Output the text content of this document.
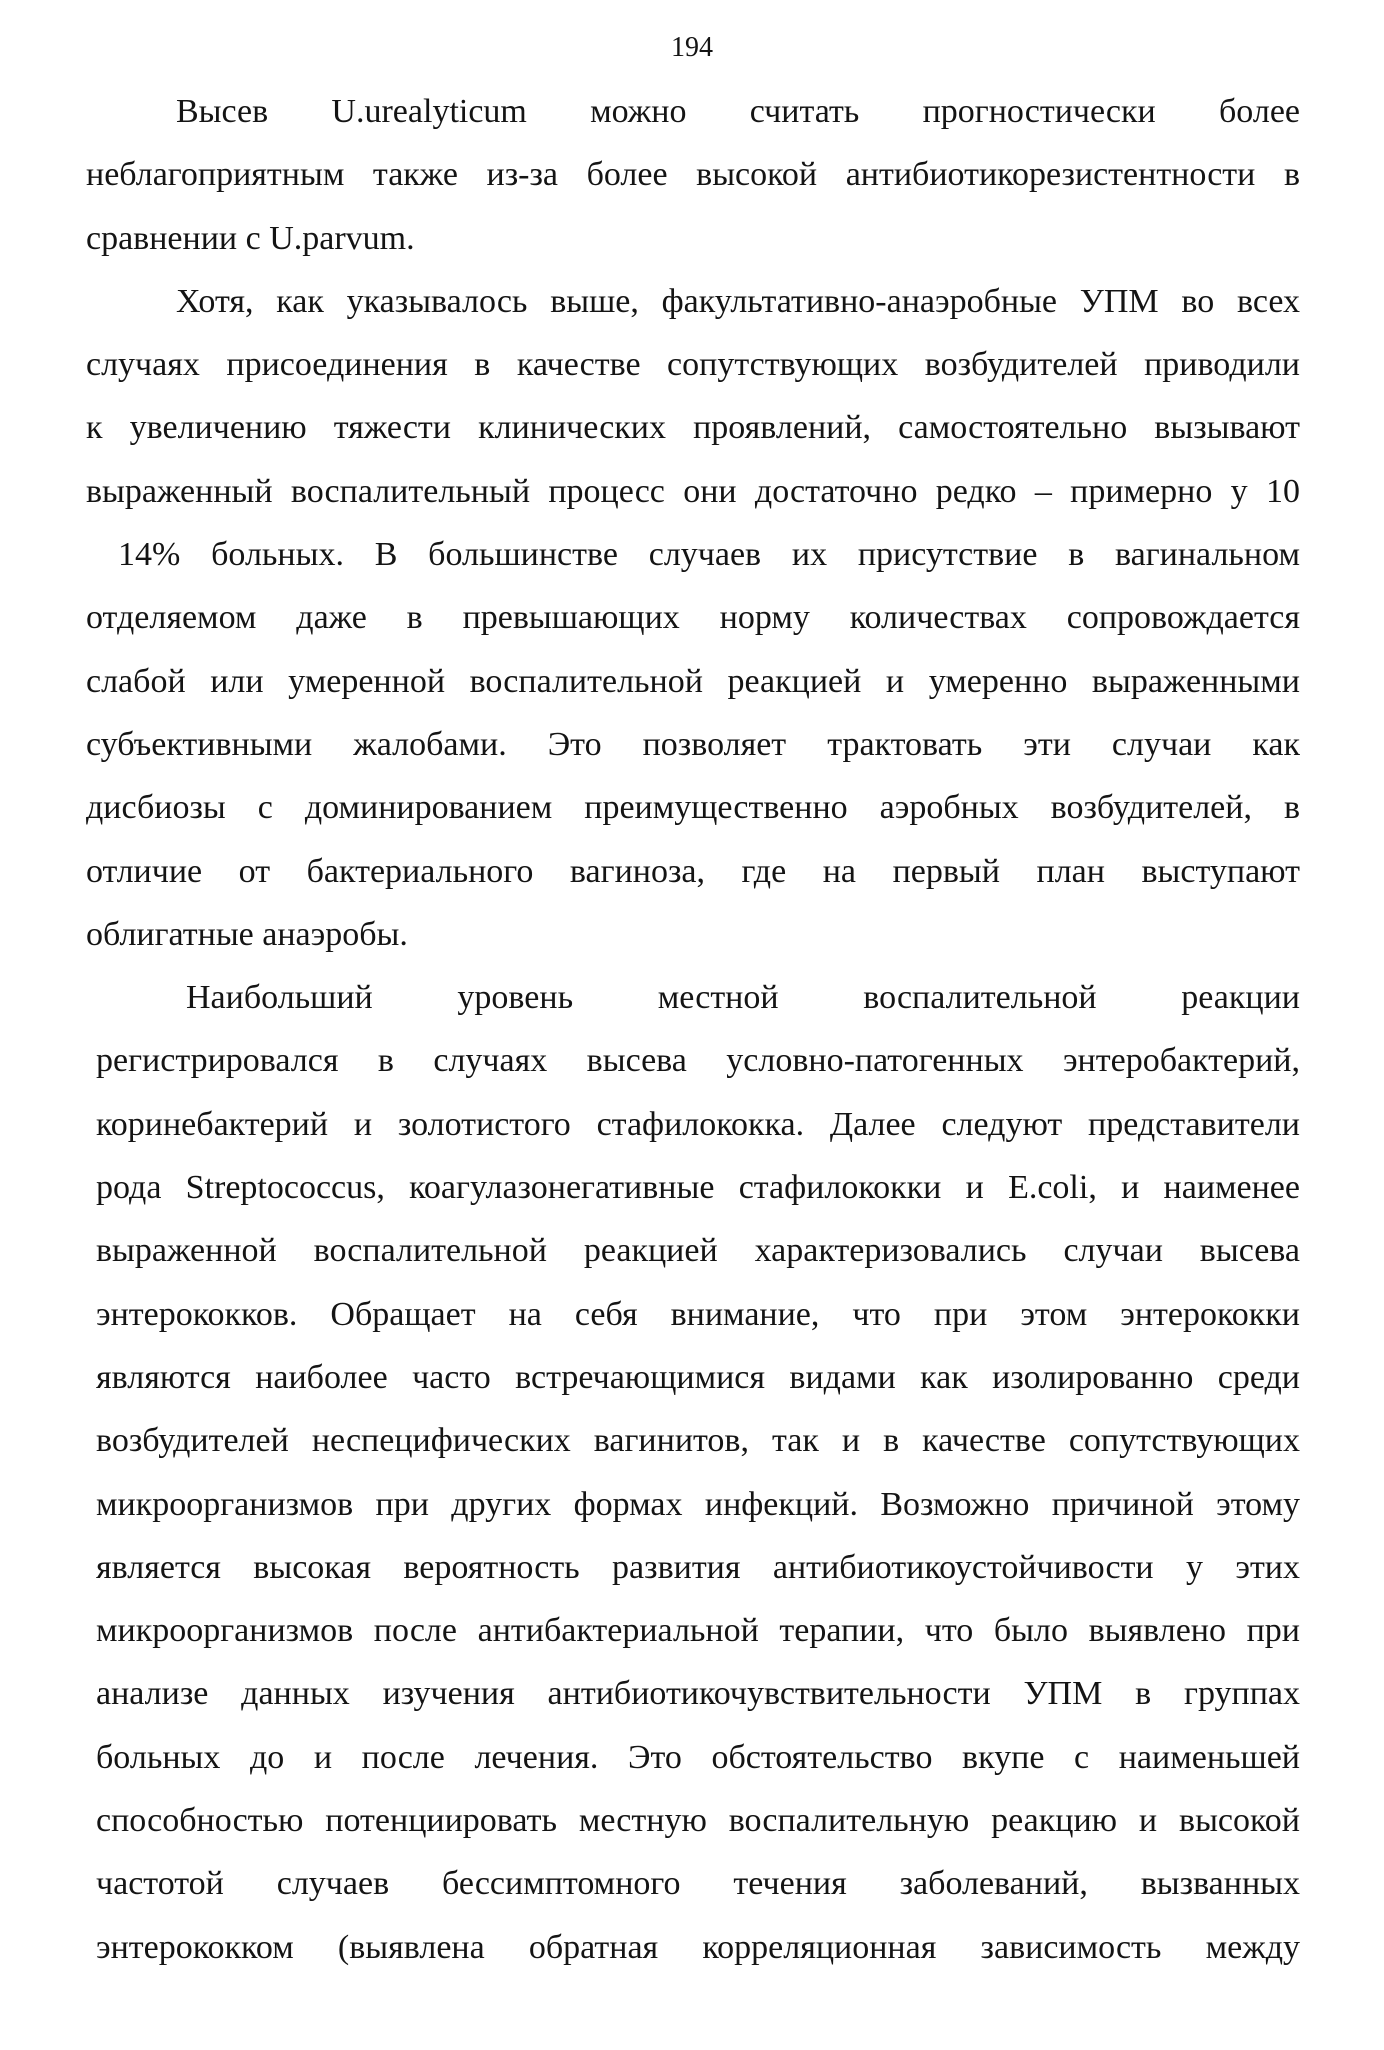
194
Высев U.urealyticum можно считать прогностически более
неблагоприятным также из-за более высокой антибиотикорезистентности в
сравнении с U.parvum.
Хотя, как указывалось выше, факультативно-анаэробные УПМ во всех
случаях присоединения в качестве сопутствующих возбудителей приводили
к увеличению тяжести клинических проявлений, самостоятельно вызывают
выраженный воспалительный процесс они достаточно редко – примерно у 10
14% больных. В большинстве случаев их присутствие в вагинальном
отделяемом даже в превышающих норму количествах сопровождается
слабой или умеренной воспалительной реакцией и умеренно выраженными
субъективными жалобами. Это позволяет трактовать эти случаи как
дисбиозы с доминированием преимущественно аэробных возбудителей, в
отличие от бактериального вагиноза, где на первый план выступают
облигатные анаэробы.
Наибольший уровень местной воспалительной реакции
регистрировался в случаях высева условно-патогенных энтеробактерий,
коринебактерий и золотистого стафилококка. Далее следуют представители
рода Streptococcus, коагулазонегативные стафилококки и E.coli, и наименее
выраженной воспалительной реакцией характеризовались случаи высева
энтерококков. Обращает на себя внимание, что при этом энтерококки
являются наиболее часто встречающимися видами как изолированно среди
возбудителей неспецифических вагинитов, так и в качестве сопутствующих
микроорганизмов при других формах инфекций. Возможно причиной этому
является высокая вероятность развития антибиотикоустойчивости у этих
микроорганизмов после антибактериальной терапии, что было выявлено при
анализе данных изучения антибиотикочувствительности УПМ в группах
больных до и после лечения. Это обстоятельство вкупе с наименьшей
способностью потенциировать местную воспалительную реакцию и высокой
частотой случаев бессимптомного течения заболеваний, вызванных
энтерококком (выявлена обратная корреляционная зависимость между
